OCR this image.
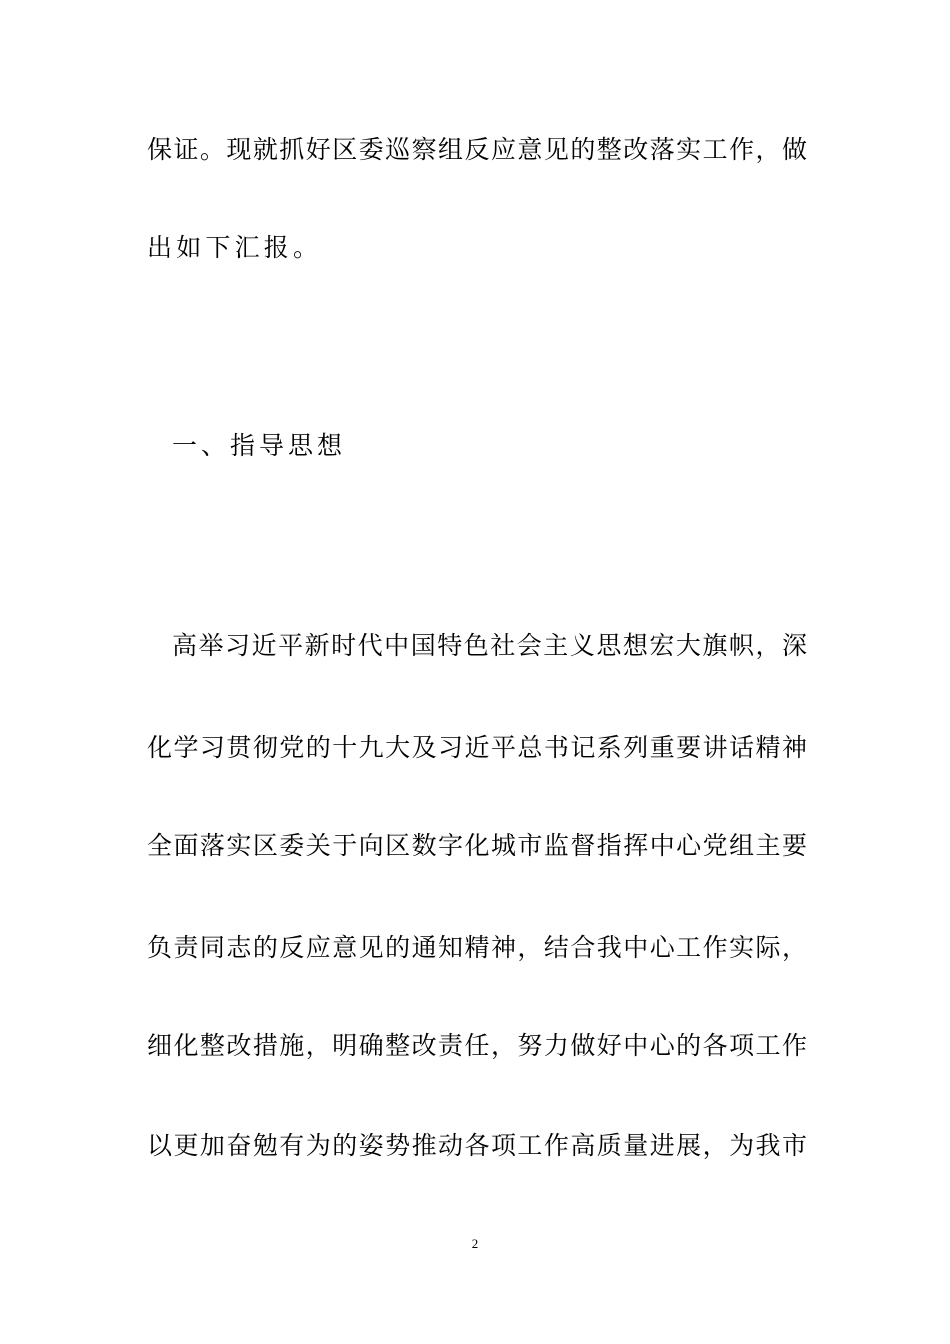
保证。现就抓好区委巡察组反应意见的整改落实工作，做
出如下汇报。
一、指导思想
高举习近平新时代中国特色社会主义思想宏大旗帜，深
化学习贯彻党的十九大及习近平总书记系列重要讲话精神
全面落实区委关于向区数字化城市监督指挥中心党组主要
负责同志的反应意见的通知精神，结合我中心工作实际，
细化整改措施，明确整改责任，努力做好中心的各项工作
以更加奋勉有为的姿势推动各项工作高质量进展，为我市
2
